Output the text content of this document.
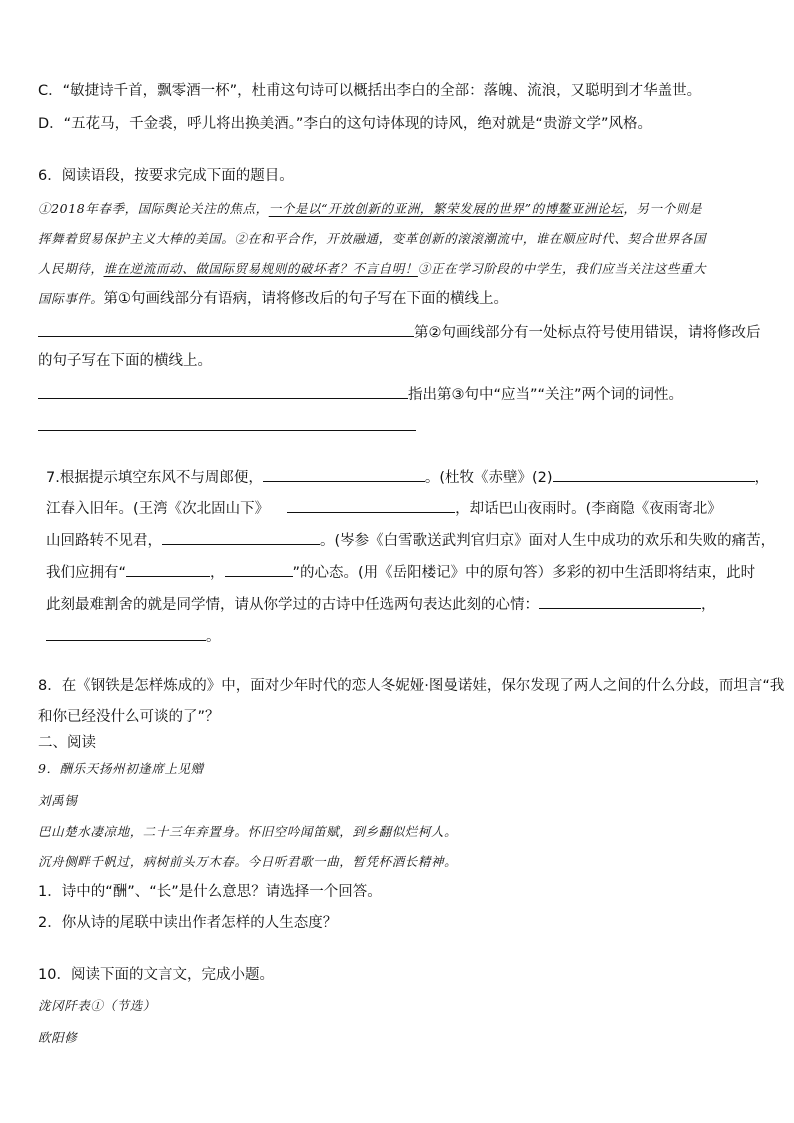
C．“敏捷诗千首，飘零酒一杯”，杜甫这句诗可以概括出李白的全部：落魄、流浪，又聪明到才华盖世。
D．“五花马，千金裘，呼儿将出换美酒。”李白的这句诗体现的诗风，绝对就是“贵游文学”风格。
6．阅读语段，按要求完成下面的题目。
①2018年春季，国际舆论关注的焦点，一个是以“开放创新的亚洲，繁荣发展的世界”的博鳌亚洲论坛，另一个则是
挥舞着贸易保护主义大棒的美国。②在和平合作，开放融通，变革创新的滚滚潮流中，谁在顺应时代、契合世界各国
人民期待，谁在逆流而动、做国际贸易规则的破坏者？不言自明！③正在学习阶段的中学生，我们应当关注这些重大
国际事件。第①句画线部分有语病，请将修改后的句子写在下面的横线上。
第②句画线部分有一处标点符号使用错误，请将修改后
的句子写在下面的横线上。
指出第③句中“应当”“关注”两个词的词性。
7.根据提示填空东风不与周郎便，	。(杜牧《赤壁》(2)	，
江春入旧年。(王湾《次北固山下》	，却话巴山夜雨时。(李商隐《夜雨寄北》
山回路转不见君，	。(岑参《白雪歌送武判官归京》面对人生中成功的欢乐和失败的痛苦，
我们应拥有“	，	”的心态。(用《岳阳楼记》中的原句答）多彩的初中生活即将结束，此时
此刻最难割舍的就是同学情，请从你学过的古诗中任选两句表达此刻的心情：	，
。
8．在《钢铁是怎样炼成的》中，面对少年时代的恋人冬妮娅·图曼诺娃，保尔发现了两人之间的什么分歧，而坦言“我
和你已经没什么可谈的了”？
二、阅读
9．酬乐天扬州初逢席上见赠
刘禹锡
巴山楚水凄凉地，二十三年弃置身。怀旧空吟闻笛赋，到乡翻似烂柯人。
沉舟侧畔千帆过，病树前头万木春。今日听君歌一曲，暂凭杯酒长精神。
1．诗中的“酬”、“长”是什么意思？请选择一个回答。
2．你从诗的尾联中读出作者怎样的人生态度？
10．阅读下面的文言文，完成小题。
泷冈阡表①（节选）
欧阳修
